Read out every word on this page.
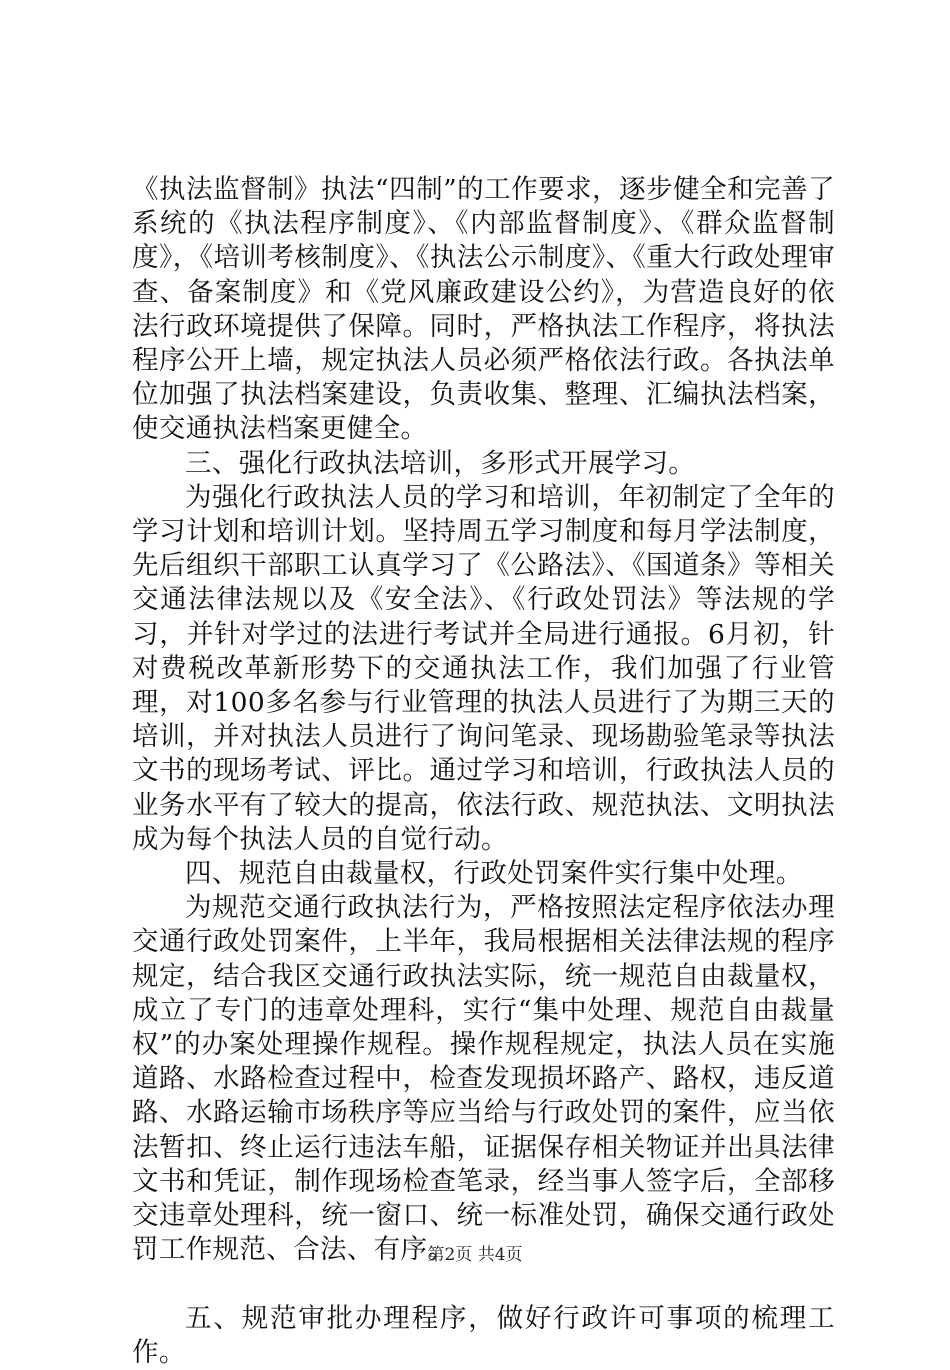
《执法监督制》执法“四制”的工作要求，逐步健全和完善了系统的《执法程序制度》、《内部监督制度》、《群众监督制度》，《培训考核制度》、《执法公示制度》、《重大行政处理审查、备案制度》和《党风廉政建设公约》，为营造良好的依法行政环境提供了保障。同时，严格执法工作程序，将执法程序公开上墙，规定执法人员必须严格依法行政。各执法单位加强了执法档案建设，负责收集、整理、汇编执法档案，使交通执法档案更健全。

三、强化行政执法培训，多形式开展学习。

为强化行政执法人员的学习和培训，年初制定了全年的学习计划和培训计划。坚持周五学习制度和每月学法制度，先后组织干部职工认真学习了《公路法》、《国道条》等相关交通法律法规以及《安全法》、《行政处罚法》等法规的学习，并针对学过的法进行考试并全局进行通报。6月初，针对费税改革新形势下的交通执法工作，我们加强了行业管理，对100多名参与行业管理的执法人员进行了为期三天的培训，并对执法人员进行了询问笔录、现场勘验笔录等执法文书的现场考试、评比。通过学习和培训，行政执法人员的业务水平有了较大的提高，依法行政、规范执法、文明执法成为每个执法人员的自觉行动。

四、规范自由裁量权，行政处罚案件实行集中处理。

为规范交通行政执法行为，严格按照法定程序依法办理交通行政处罚案件，上半年，我局根据相关法律法规的程序规定，结合我区交通行政执法实际，统一规范自由裁量权，成立了专门的违章处理科，实行“集中处理、规范自由裁量权”的办案处理操作规程。操作规程规定，执法人员在实施道路、水路检查过程中，检查发现损坏路产、路权，违反道路、水路运输市场秩序等应当给与行政处罚的案件，应当依法暂扣、终止运行违法车船，证据保存相关物证并出具法律文书和凭证，制作现场检查笔录，经当事人签字后，全部移交违章处理科，统一窗口、统一标准处罚，确保交通行政处罚工作规范、合法、有序。

五、规范审批办理程序，做好行政许可事项的梳理工作。

第2页 共4页
